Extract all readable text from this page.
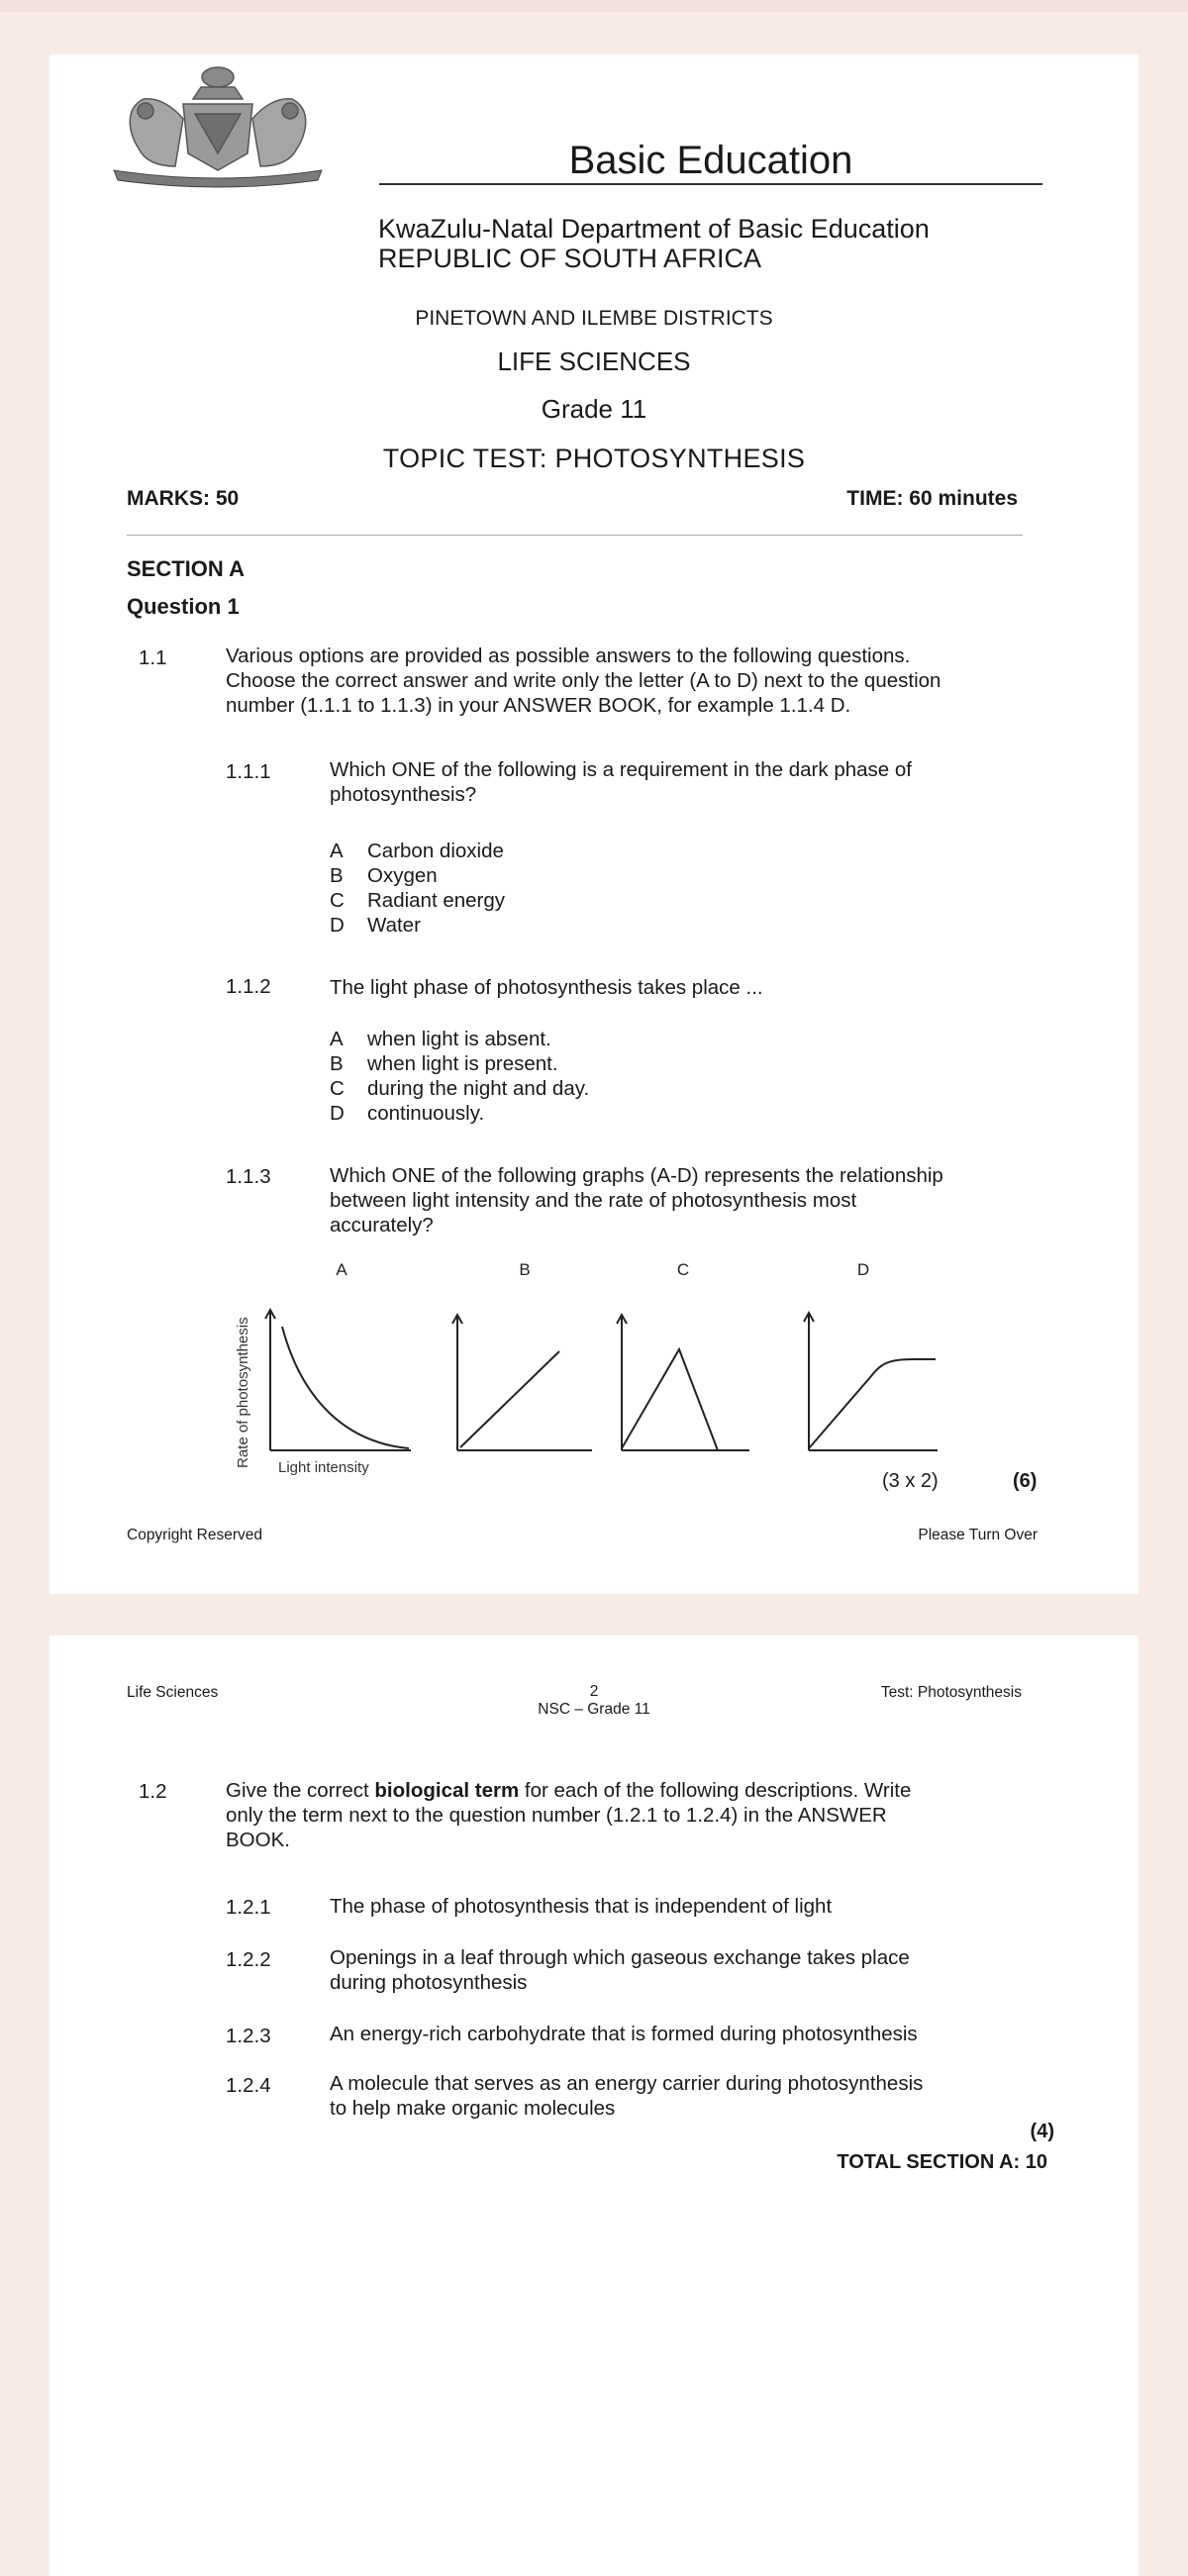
Basic Education
KwaZulu-Natal Department of Basic Education
REPUBLIC OF SOUTH AFRICA
PINETOWN AND ILEMBE DISTRICTS
LIFE SCIENCES
Grade 11
TOPIC TEST: PHOTOSYNTHESIS
MARKS: 50	TIME: 60 minutes
SECTION A
Question 1
1.1	Various options are provided as possible answers to the following questions.
Choose the correct answer and write only the letter (A to D) next to the question
number (1.1.1 to 1.1.3) in your ANSWER BOOK, for example 1.1.4 D.
1.1.1	Which ONE of the following is a requirement in the dark phase of
photosynthesis?
A	Carbon dioxide
B	Oxygen
C	Radiant energy
D	Water
1.1.2	The light phase of photosynthesis takes place ...
A	when light is absent.
B	when light is present.
C	during the night and day.
D	continuously.
1.1.3	Which ONE of the following graphs (A-D) represents the relationship
between light intensity and the rate of photosynthesis most
accurately?
A	B	C	D
Rate of photosynthesis Light intensity
(3 x 2)	(6)
Copyright Reserved	Please Turn Over
Life Sciences	2
NSC – Grade 11
Test: Photosynthesis
1.2	Give the correct biological term for each of the following descriptions. Write
only the term next to the question number (1.2.1 to 1.2.4) in the ANSWER
BOOK.
1.2.1	The phase of photosynthesis that is independent of light
1.2.2	Openings in a leaf through which gaseous exchange takes place
during photosynthesis
1.2.3	An energy-rich carbohydrate that is formed during photosynthesis
1.2.4	A molecule that serves as an energy carrier during photosynthesis
to help make organic molecules
(4)
TOTAL SECTION A: 10
